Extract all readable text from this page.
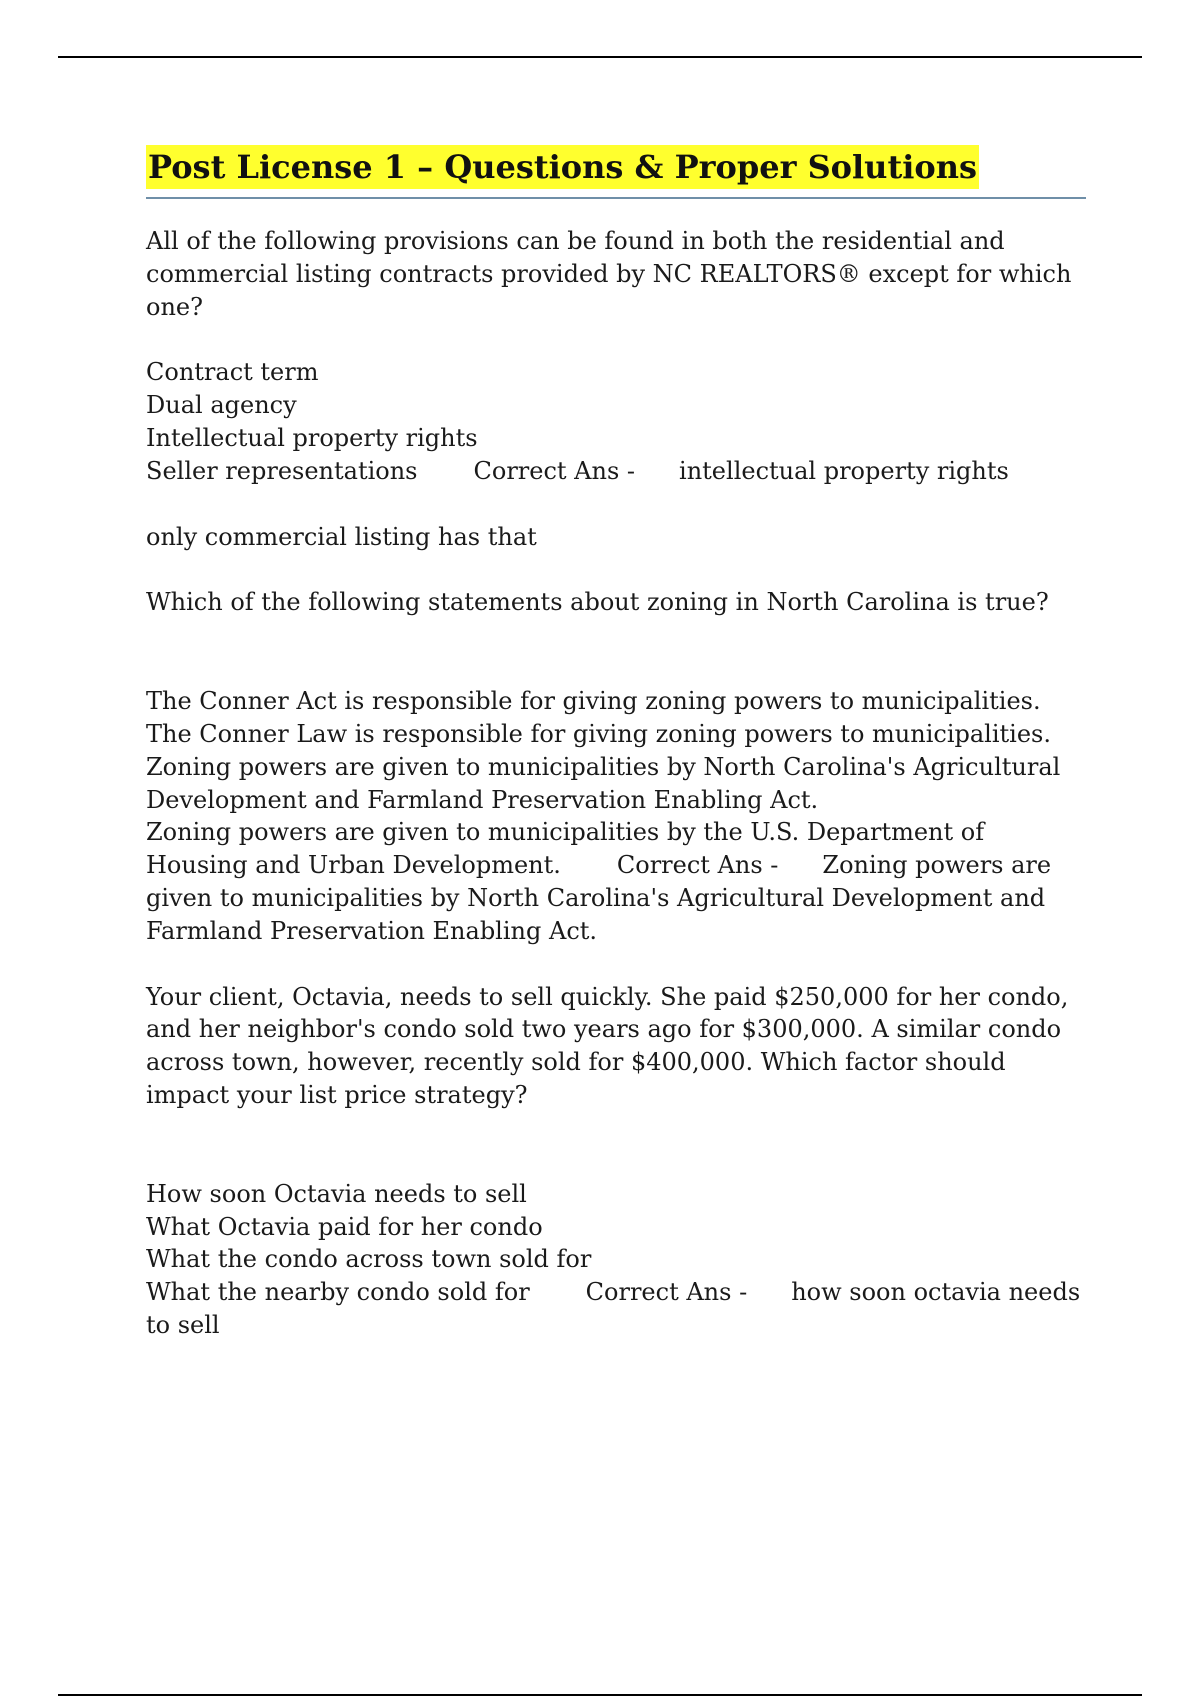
Post License 1 – Questions & Proper Solutions

All of the following provisions can be found in both the residential and commercial listing contracts provided by NC REALTORS® except for which one?

Contract term
Dual agency
Intellectual property rights
Seller representations Correct Ans - intellectual property rights

only commercial listing has that

Which of the following statements about zoning in North Carolina is true?

The Conner Act is responsible for giving zoning powers to municipalities.
The Conner Law is responsible for giving zoning powers to municipalities.
Zoning powers are given to municipalities by North Carolina's Agricultural Development and Farmland Preservation Enabling Act.
Zoning powers are given to municipalities by the U.S. Department of Housing and Urban Development. Correct Ans - Zoning powers are given to municipalities by North Carolina's Agricultural Development and Farmland Preservation Enabling Act.

Your client, Octavia, needs to sell quickly. She paid $250,000 for her condo, and her neighbor's condo sold two years ago for $300,000. A similar condo across town, however, recently sold for $400,000. Which factor should impact your list price strategy?

How soon Octavia needs to sell
What Octavia paid for her condo
What the condo across town sold for
What the nearby condo sold for Correct Ans - how soon octavia needs to sell
